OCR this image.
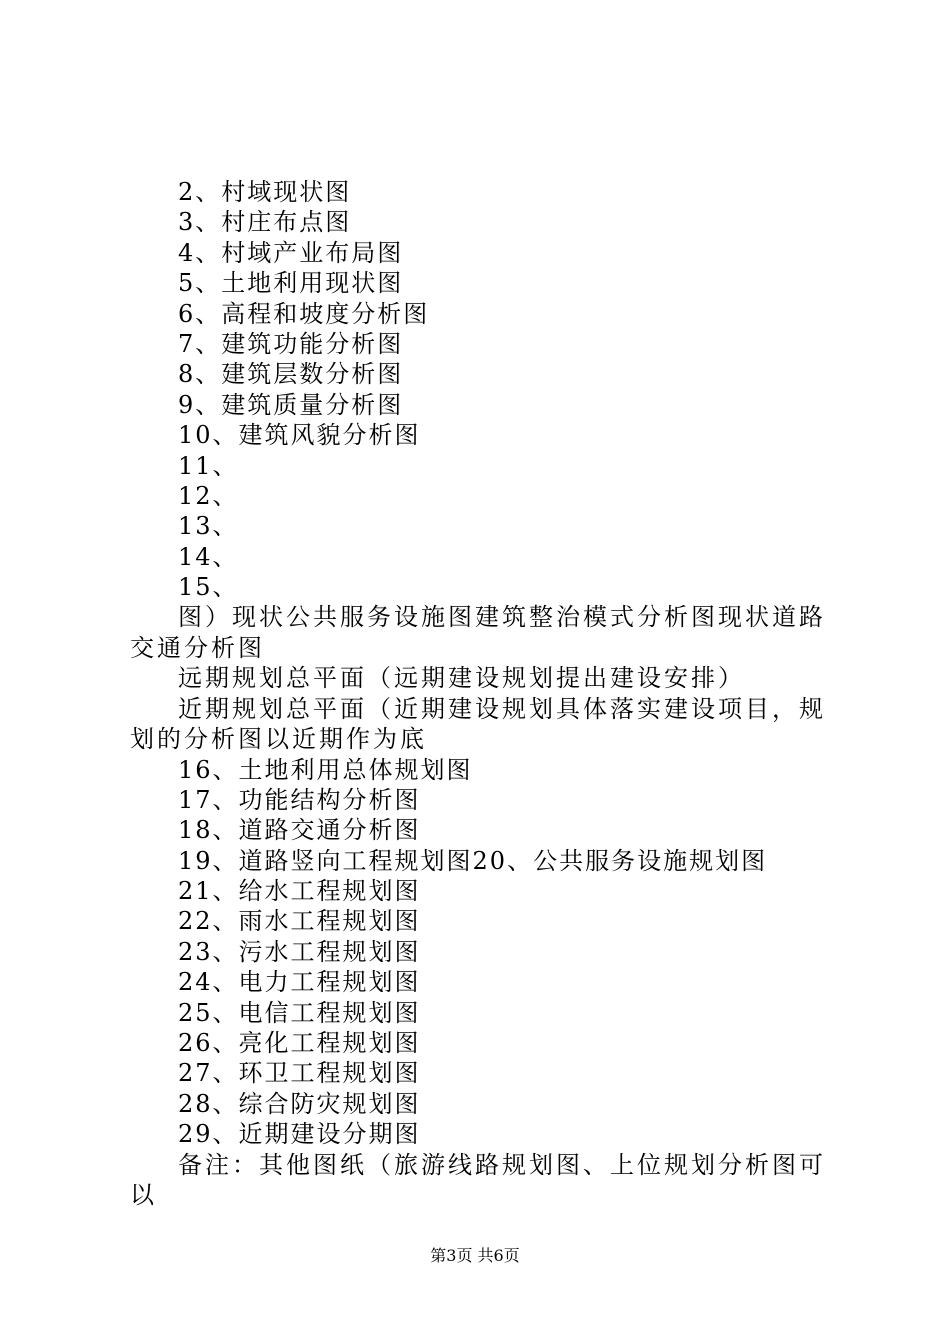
2、村域现状图
3、村庄布点图
4、村域产业布局图
5、土地利用现状图
6、高程和坡度分析图
7、建筑功能分析图
8、建筑层数分析图
9、建筑质量分析图
10、建筑风貌分析图
11、
12、
13、
14、
15、
图）现状公共服务设施图建筑整治模式分析图现状道路交通分析图
远期规划总平面（远期建设规划提出建设安排）
近期规划总平面（近期建设规划具体落实建设项目，规划的分析图以近期作为底
16、土地利用总体规划图
17、功能结构分析图
18、道路交通分析图
19、道路竖向工程规划图20、公共服务设施规划图
21、给水工程规划图
22、雨水工程规划图
23、污水工程规划图
24、电力工程规划图
25、电信工程规划图
26、亮化工程规划图
27、环卫工程规划图
28、综合防灾规划图
29、近期建设分期图
备注：其他图纸（旅游线路规划图、上位规划分析图可以
第3页 共6页
